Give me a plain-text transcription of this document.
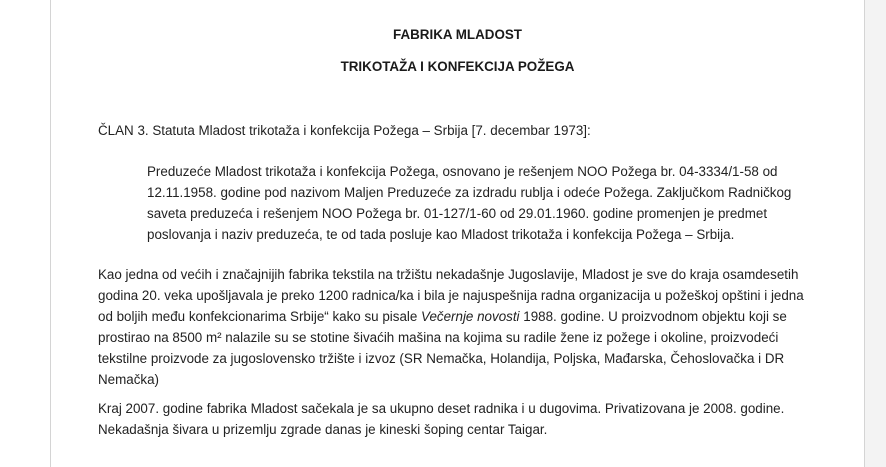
FABRIKA MLADOST
TRIKOTAŽA I KONFEKCIJA POŽEGA
ČLAN 3. Statuta Mladost trikotaža i konfekcija Požega – Srbija [7. decembar 1973]:
Preduzeće Mladost trikotaža i konfekcija Požega, osnovano je rešenjem NOO Požega br. 04-3334/1-58 od
12.11.1958. godine pod nazivom Maljen Preduzeće za izdradu rublja i odeće Požega. Zaključkom Radničkog
saveta preduzeća i rešenjem NOO Požega br. 01-127/1-60 od 29.01.1960. godine promenjen je predmet
poslovanja i naziv preduzeća, te od tada posluje kao Mladost trikotaža i konfekcija Požega – Srbija.
Kao jedna od većih i značajnijih fabrika tekstila na tržištu nekadašnje Jugoslavije, Mladost je sve do kraja osamdesetih
godina 20. veka upošljavala je preko 1200 radnica/ka i bila je najuspešnija radna organizacija u požeškoj opštini i jedna
od boljih među konfekcionarima Srbije“ kako su pisale Večernje novosti 1988. godine. U proizvodnom objektu koji se
prostirao na 8500 m² nalazile su se stotine šivaćih mašina na kojima su radile žene iz požege i okoline, proizvodeći
tekstilne proizvode za jugoslovensko tržište i izvoz (SR Nemačka, Holandija, Poljska, Mađarska, Čehoslovačka i DR
Nemačka)
Kraj 2007. godine fabrika Mladost sačekala je sa ukupno deset radnika i u dugovima. Privatizovana je 2008. godine.
Nekadašnja šivara u prizemlju zgrade danas je kineski šoping centar Taigar.
